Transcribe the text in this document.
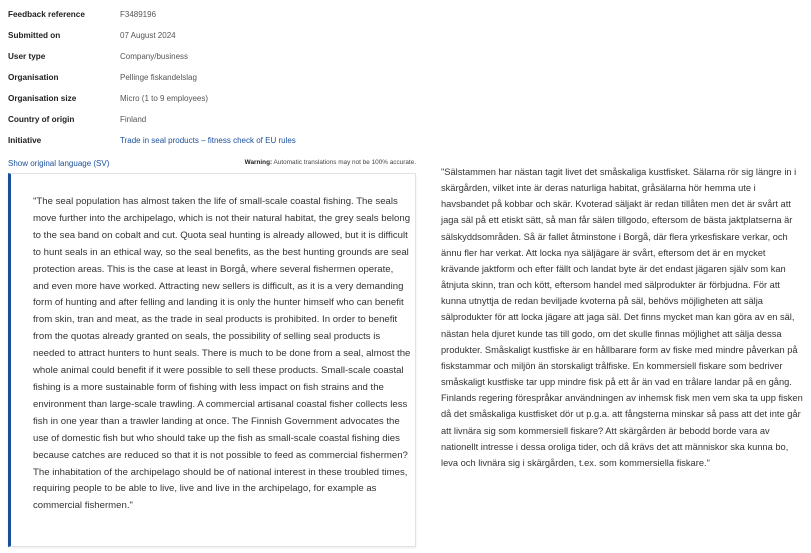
Feedback reference	F3489196
Submitted on	07 August 2024
User type	Company/business
Organisation	Pellinge fiskandelslag
Organisation size	Micro (1 to 9 employees)
Country of origin	Finland
Initiative	Trade in seal products – fitness check of EU rules
Show original language (SV)	Warning: Automatic translations may not be 100% accurate.

"The seal population has almost taken the life of small-scale coastal fishing. The seals move further into the archipelago, which is not their natural habitat, the grey seals belong to the sea band on cobalt and cut. Quota seal hunting is already allowed, but it is difficult to hunt seals in an ethical way, so the seal benefits, as the best hunting grounds are seal protection areas. This is the case at least in Borgå, where several fishermen operate, and even more have worked. Attracting new sellers is difficult, as it is a very demanding form of hunting and after felling and landing it is only the hunter himself who can benefit from skin, tran and meat, as the trade in seal products is prohibited. In order to benefit from the quotas already granted on seals, the possibility of selling seal products is needed to attract hunters to hunt seals. There is much to be done from a seal, almost the whole animal could benefit if it were possible to sell these products. Small-scale coastal fishing is a more sustainable form of fishing with less impact on fish strains and the environment than large-scale trawling. A commercial artisanal coastal fisher collects less fish in one year than a trawler landing at once. The Finnish Government advocates the use of domestic fish but who should take up the fish as small-scale coastal fishing dies because catches are reduced so that it is not possible to feed as commercial fishermen? The inhabitation of the archipelago should be of national interest in these troubled times, requiring people to be able to live, live and live in the archipelago, for example as commercial fishermen."

"Sälstammen har nästan tagit livet det småskaliga kustfisket. Sälarna rör sig längre in i skärgården, vilket inte är deras naturliga habitat, gråsälarna hör hemma ute i havsbandet på kobbar och skär. Kvoterad säljakt är redan tillåten men det är svårt att jaga säl på ett etiskt sätt, så man får sälen tillgodo, eftersom de bästa jaktplatserna är sälskyddsområden. Så är fallet åtminstone i Borgå, där flera yrkesfiskare verkar, och ännu fler har verkat. Att locka nya säljägare är svårt, eftersom det är en mycket krävande jaktform och efter fällt och landat byte är det endast jägaren själv som kan åtnjuta skinn, tran och kött, eftersom handel med sälprodukter är förbjudna. För att kunna utnyttja de redan beviljade kvoterna på säl, behövs möjligheten att sälja sälprodukter för att locka jägare att jaga säl. Det finns mycket man kan göra av en säl, nästan hela djuret kunde tas till godo, om det skulle finnas möjlighet att sälja dessa produkter. Småskaligt kustfiske är en hållbarare form av fiske med mindre påverkan på fiskstammar och miljön än storskaligt trålfiske. En kommersiell fiskare som bedriver småskaligt kustfiske tar upp mindre fisk på ett år än vad en trålare landar på en gång. Finlands regering förespråkar användningen av inhemsk fisk men vem ska ta upp fisken då det småskaliga kustfisket dör ut p.g.a. att fångsterna minskar så pass att det inte går att livnära sig som kommersiell fiskare? Att skärgården är bebodd borde vara av nationellt intresse i dessa oroliga tider, och då krävs det att människor ska kunna bo, leva och livnära sig i skärgården, t.ex. som kommersiella fiskare."
